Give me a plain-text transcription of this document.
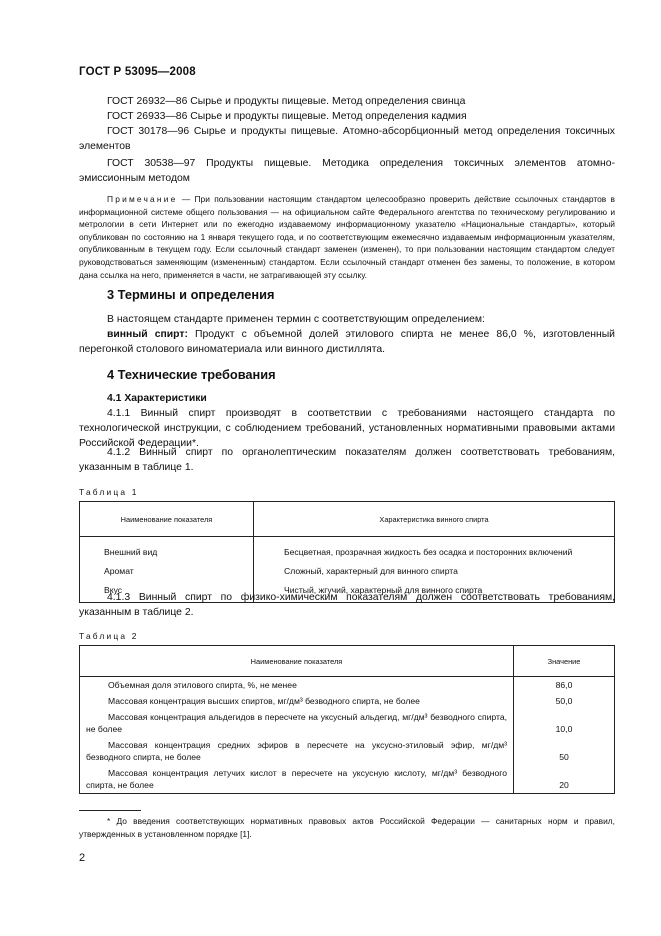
ГОСТ Р 53095—2008
ГОСТ 26932—86 Сырье и продукты пищевые. Метод определения свинца
ГОСТ 26933—86 Сырье и продукты пищевые. Метод определения кадмия
ГОСТ 30178—96 Сырье и продукты пищевые. Атомно-абсорбционный метод определения токсичных элементов
ГОСТ 30538—97 Продукты пищевые. Методика определения токсичных элементов атомно-эмиссионным методом
Примечание — При пользовании настоящим стандартом целесообразно проверить действие ссылочных стандартов в информационной системе общего пользования — на официальном сайте Федерального агентства по техническому регулированию и метрологии в сети Интернет или по ежегодно издаваемому информационному указателю «Национальные стандарты», который опубликован по состоянию на 1 января текущего года, и по соответствующим ежемесячно издаваемым информационным указателям, опубликованным в текущем году. Если ссылочный стандарт заменен (изменен), то при пользовании настоящим стандартом следует руководствоваться заменяющим (измененным) стандартом. Если ссылочный стандарт отменен без замены, то положение, в котором дана ссылка на него, применяется в части, не затрагивающей эту ссылку.
3 Термины и определения
В настоящем стандарте применен термин с соответствующим определением:
винный спирт: Продукт с объемной долей этилового спирта не менее 86,0 %, изготовленный перегонкой столового виноматериала или винного дистиллята.
4 Технические требования
4.1 Характеристики
4.1.1 Винный спирт производят в соответствии с требованиями настоящего стандарта по технологической инструкции, с соблюдением требований, установленных нормативными правовыми актами Российской Федерации*.
4.1.2 Винный спирт по органолептическим показателям должен соответствовать требованиям, указанным в таблице 1.
Таблица 1
Наименование показателя	Характеристика винного спирта
Внешний вид	Бесцветная, прозрачная жидкость без осадка и посторонних включений
Аромат	Сложный, характерный для винного спирта
Вкус	Чистый, жгучий, характерный для винного спирта
4.1.3 Винный спирт по физико-химическим показателям должен соответствовать требованиям, указанным в таблице 2.
Таблица 2
Наименование показателя	Значение

Объемная доля этилового спирта, %, не менее	86,0

Массовая концентрация высших спиртов, мг/дм³ безводного спирта, не более	50,0

Массовая концентрация альдегидов в пересчете на уксусный альдегид, мг/дм³ безводного спирта, не более	10,0

Массовая концентрация средних эфиров в пересчете на уксусно-этиловый эфир, мг/дм³ безводного спирта, не более	50

Массовая концентрация летучих кислот в пересчете на уксусную кислоту, мг/дм³ безводного спирта, не более	20
* До введения соответствующих нормативных правовых актов Российской Федерации — санитарных норм и правил, утвержденных в установленном порядке [1].
2
